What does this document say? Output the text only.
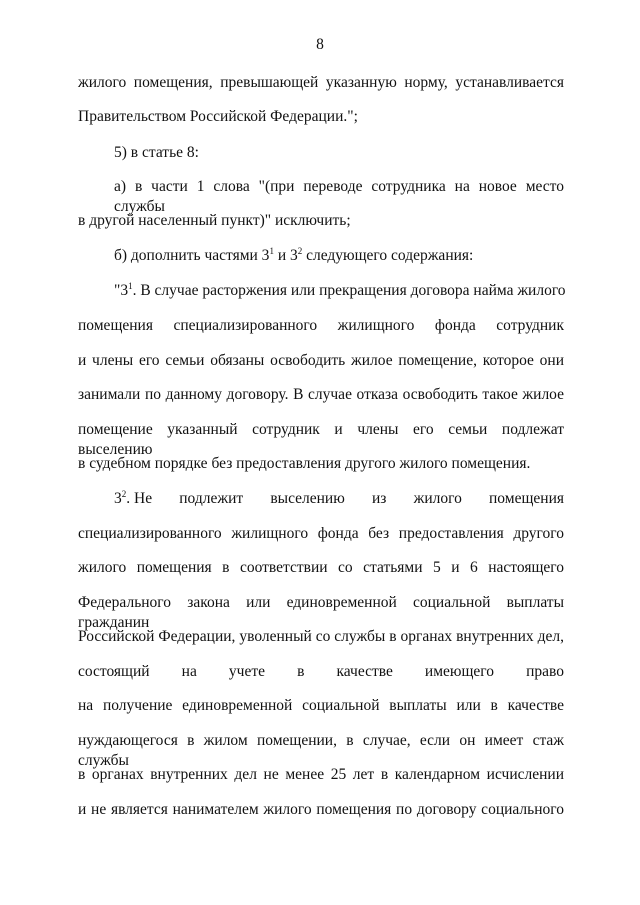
8
жилого помещения, превышающей указанную норму, устанавливается
Правительством Российской Федерации.";
5) в статье 8:
а) в части 1 слова "(при переводе сотрудника на новое место службы
в другой населенный пункт)" исключить;
б) дополнить частями $3^1$ и $3^2$ следующего содержания:
"$3^1$. В случае расторжения или прекращения договора найма жилого
помещения специализированного жилищного фонда сотрудник
и члены его семьи обязаны освободить жилое помещение, которое они
занимали по данному договору. В случае отказа освободить такое жилое
помещение указанный сотрудник и члены его семьи подлежат выселению
в судебном порядке без предоставления другого жилого помещения.
$3^2$. Не подлежит выселению из жилого помещения
специализированного жилищного фонда без предоставления другого
жилого помещения в соответствии со статьями 5 и 6 настоящего
Федерального закона или единовременной социальной выплаты гражданин
Российской Федерации, уволенный со службы в органах внутренних дел,
состоящий на учете в качестве имеющего право
на получение единовременной социальной выплаты или в качестве
нуждающегося в жилом помещении, в случае, если он имеет стаж службы
в органах внутренних дел не менее 25 лет в календарном исчислении
и не является нанимателем жилого помещения по договору социального
